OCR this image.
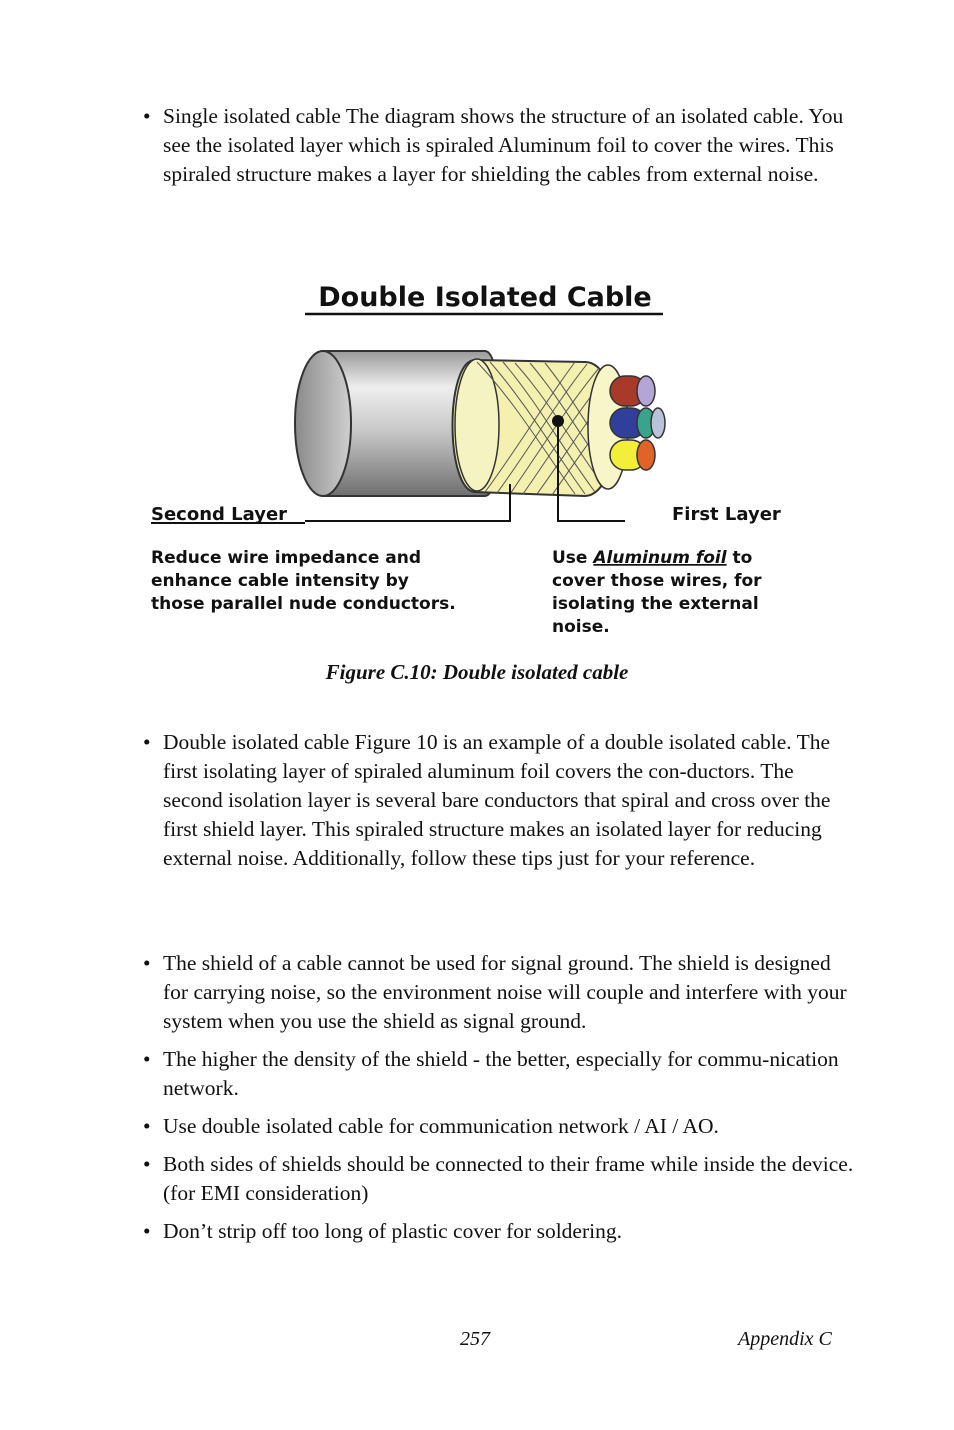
• Single isolated cable The diagram shows the structure of an isolated cable. You see the isolated layer which is spiraled Aluminum foil to cover the wires. This spiraled structure makes a layer for shielding the cables from external noise.
Double Isolated Cable
Second Layer	First Layer
Reduce wire impedance and
enhance cable intensity by
those parallel nude conductors.
Use Aluminum foil to
cover those wires, for
isolating the external
noise.
Figure C.10: Double isolated cable
• Double isolated cable Figure 10 is an example of a double isolated cable. The first isolating layer of spiraled aluminum foil covers the con-ductors. The second isolation layer is several bare conductors that spiral and cross over the first shield layer. This spiraled structure makes an isolated layer for reducing external noise. Additionally, follow these tips just for your reference.
• The shield of a cable cannot be used for signal ground. The shield is designed for carrying noise, so the environment noise will couple and interfere with your system when you use the shield as signal ground.
• The higher the density of the shield - the better, especially for commu-nication network.
• Use double isolated cable for communication network / AI / AO.
• Both sides of shields should be connected to their frame while inside the device. (for EMI consideration)
• Don’t strip off too long of plastic cover for soldering.
257	Appendix C
